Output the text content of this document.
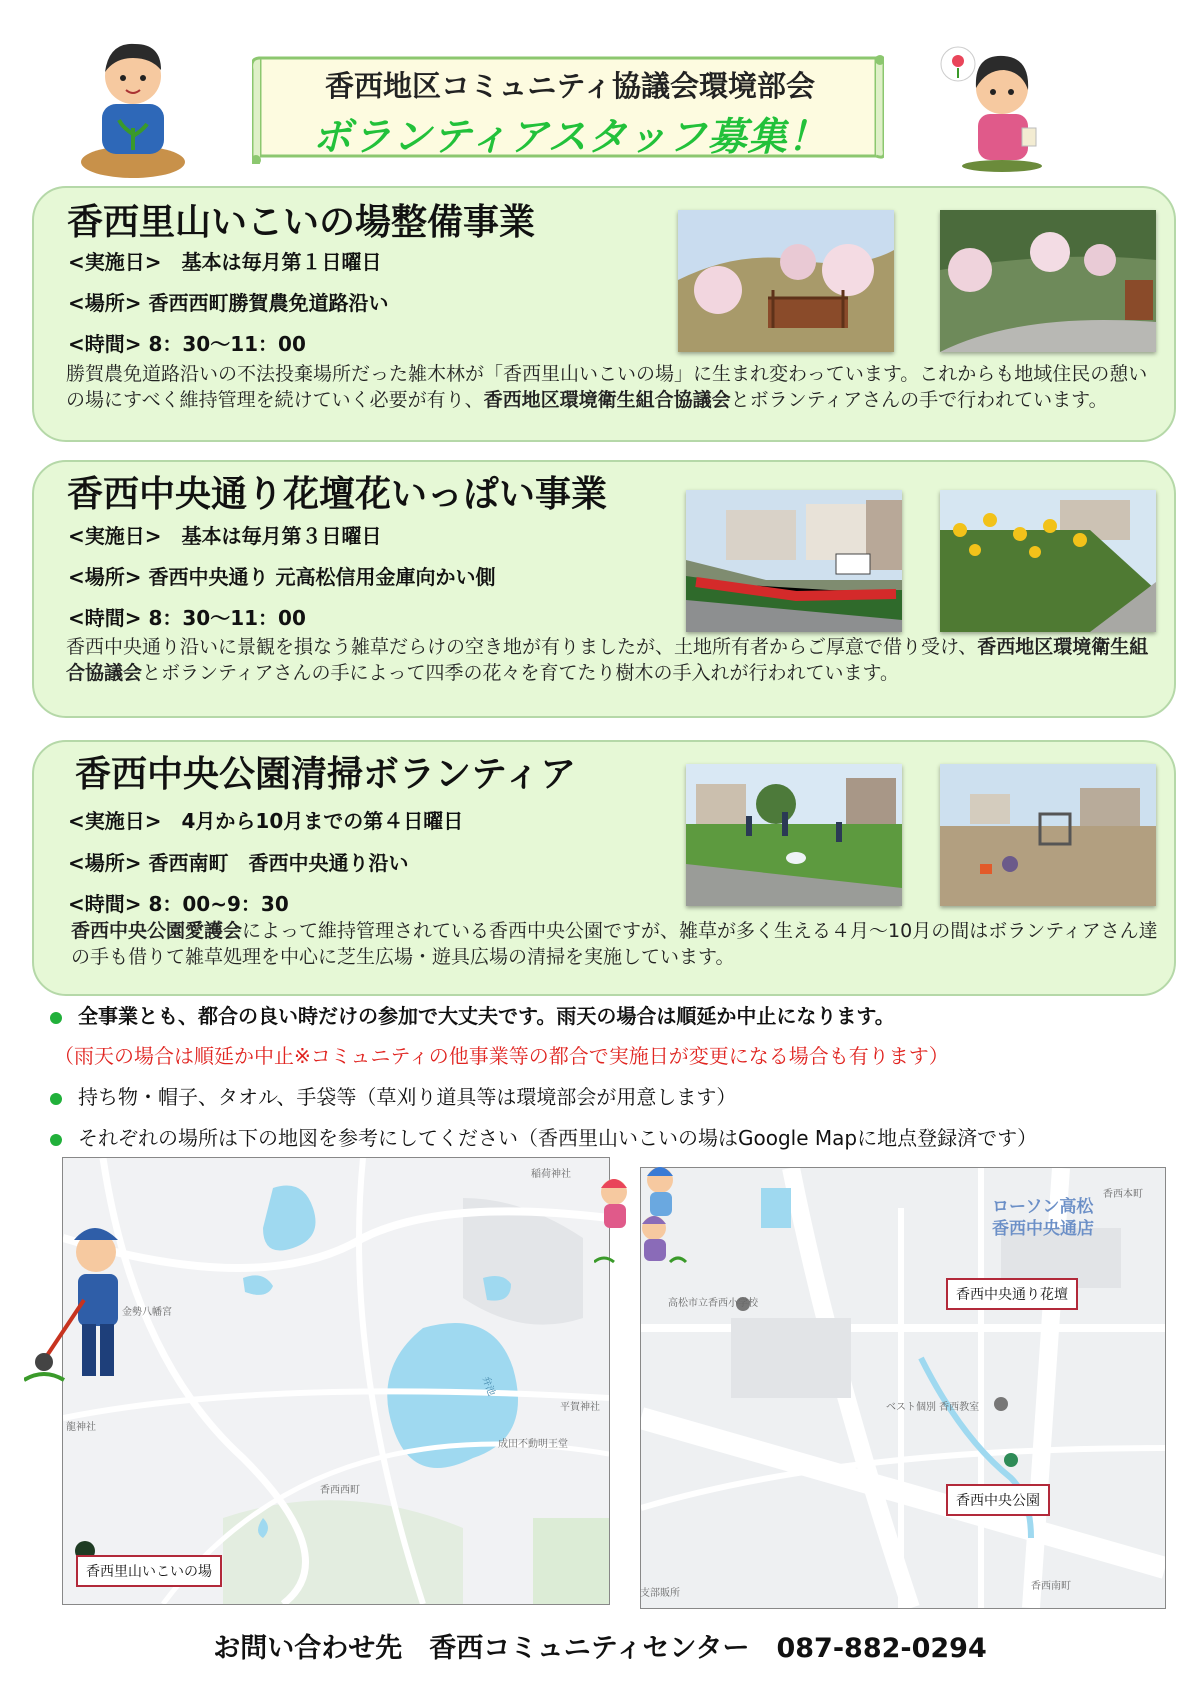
香西地区コミュニティ協議会環境部会
ボランティアスタッフ募集！
香西里山いこいの場整備事業
<実施日>　基本は毎月第１日曜日
<場所> 香西西町勝賀農免道路沿い
<時間> 8：30〜11：00
勝賀農免道路沿いの不法投棄場所だった雑木林が「香西里山いこいの場」に生まれ変わっています。これからも地域住民の憩いの場にすべく維持管理を続けていく必要が有り、香西地区環境衛生組合協議会とボランティアさんの手で行われています。
香西中央通り花壇花いっぱい事業
<実施日>　基本は毎月第３日曜日
<場所> 香西中央通り 元高松信用金庫向かい側
<時間> 8：30〜11：00
香西中央通り沿いに景観を損なう雑草だらけの空き地が有りましたが、土地所有者からご厚意で借り受け、香西地区環境衛生組合協議会とボランティアさんの手によって四季の花々を育てたり樹木の手入れが行われています。
香西中央公園清掃ボランティア
<実施日>　4月から10月までの第４日曜日
<場所> 香西南町　香西中央通り沿い
<時間> 8：00~9：30
香西中央公園愛護会によって維持管理されている香西中央公園ですが、雑草が多く生える４月〜10月の間はボランティアさん達の手も借りて雑草処理を中心に芝生広場・遊具広場の清掃を実施しています。
全事業とも、都合の良い時だけの参加で大丈夫です。雨天の場合は順延か中止になります。
（雨天の場合は順延か中止※コミュニティの他事業等の都合で実施日が変更になる場合も有ります）
持ち物・帽子、タオル、手袋等（草刈り道具等は環境部会が用意します）
それぞれの場所は下の地図を参考にしてください（香西里山いこいの場はGoogle Mapに地点登録済です）
稲荷神社
金勢八幡宮
龍神社
平賀神社
成田不動明王堂
香西西町
弁池
香西里山いこいの場
高松市立香西小学校
ベスト個別 香西教室
香西本町
香西南町
支部販所
ローソン高松
香西中央通店
香西中央通り花壇
香西中央公園
お問い合わせ先　香西コミュニティセンター　087-882-0294
